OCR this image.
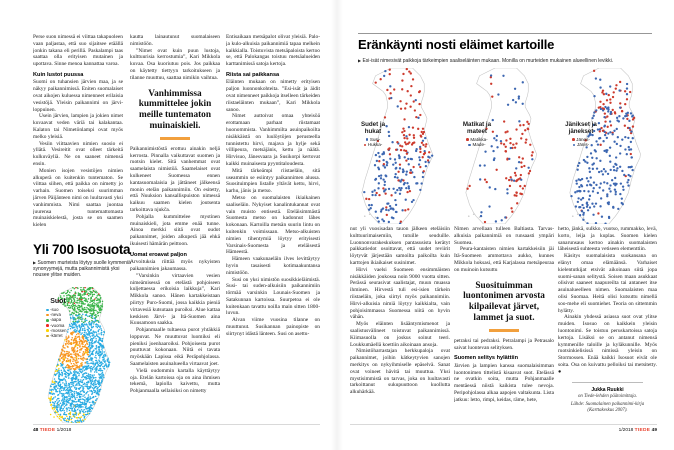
Perse suon nimessä ei viittaa takapuoleen vaan paljastaa, että suo sijaitsee etäällä jonkin takana eli perillä. Paskalampi taas saattaa olla erityisen mutainen ja upottava. Sinne menoa kannattaa varoa.

Kuin lustot puussa

Suomi on tuhansien järvien maa, ja se näkyy paikannimissä. Eniten suomalaiset ovat aikojen kuluessa nimenneet erilaisia vesistöjä. Yleisin paikannimi on järvi-loppuinen.

Usein järvien, lampien ja jokien nimet kuvaavat veden väriä tai kalakantaa. Kalaton tai Nimetönlampi ovat myös melko yleisiä.

Vesiin viittaavien nimien suosio ei yllätä. Vesireitit ovat olleet tärkeitä kulkuväyliä. Ne on saaneet nimensä ensin.

Monien isojen vesistöjen nimien alkuperä on kuitenkin tuntematon. Se viittaa siihen, että paikka on nimetty jo varhain. Suomen toiseksi suurimman järven Päijänteen nimi on luultavasti yksi vanhimmista. Nimi saattaa juontaa juurensa tuntemattomasta muinaiskielestä, josta se on saamen kielen

kautta lainautunut suomalaiseen nimistöön.

”Nimet ovat kuin puun lustoja, kulttuurisia kerrostumia”, Kari Mikkola kuvaa. Osa kuoriutuu pois. Jos paikkaa on käytetty tiettyyn tarkoitukseen ja tilanne muuttuu, saattaa nimikin vaihtua.

Vanhimmissa kummittelee jokin meille tuntematon muinaiskieli.

Paikannimistöstä erottuu ainakin neljä kerrosta. Pinnalla vaikuttavat suomen ja ruotsin kielet. Sitä vanhemmat ovat saamelaista nimistöä. Saamelaiset ovat kulkeneet Suomessa ennen kantasuomalaisia ja jättäneet jälkeensä monin etelän paikannimiin. On esitetty, että Nuuksion kansallispuiston nimessä kaikuu saamen kielen joutsenta tarkoittava njukča.

Pohjalla kummittelee mystinen muinaiskieli, jota emme enää tunne. Ainoa merkki siitä ovat oudot paikannimet, joiden alkuperä jää ehkä ikuisesti hämärän peittoon.

Uomat eroavat paljon

Arvoituksia riittää myös nykyisten paikannimien jakaumassa.

”Varsinkin virtaavien vesien nimeämisessä on etelästä pohjoiseen kuljettaessa erikoisia laikkuja”, Kari Mikkola sanoo. Hänen kartakkeistaan piirtyy Puro-Suomi, jossa kaikkia pieniä virtavesiä kutsutaan puroiksi. Alue kattaa keskisen Järvi- ja Itä-Suomen aina Kuusamoon saakka.

Pohjanmaalle tultaessa purot yhtäkkiä loppuvat. Ne muuttuvat luomiksi eli pieniksi joenhaaroiksi. Pohjoisesta purot puuttuvat kokonaan. Niitä ei tavata myöskään Lapissa eikä Peräpohjolassa. Saamelaisten asuinalueella virtaavat joet.

Vielä oudommin kartalla käyttäytyy oja. Etelän kartoissa oja on aina ihmisen tekemä, lapiolla kaivettu, mutta Pohjanmaalla sellaisiksi on nimetty

Entisaikaan metsäpalot olivat yleisiä. Palo- ja kulo-alkuisia paikannimiä tapaa melkein kaikkialla. Toistuvista metsäpaloista kertoo se, että Palokangas toistuu metsäalueiden karttanimissä satoja kertoja.

Riista sai paikkansa

Eläinten mukaan on nimetty erityisen paljon luonnonkohteita. ”Esi-isät ja äidit ovat nimenneet paikkoja itselleen tärkeiden riistaeläinten mukaan”, Kari Mikkola sanoo.

Nimet auttoivat omaa yhteisöä erottamaan parhaat riistamaat huonommista. Vanhimmilta asuinpaikoilta nisäkkäistä on luulöytöjen perusteella tunnistettu hirvi, majava ja hylje sekä villipeura, metsäjänis, kettu ja näätä. Hirvisuo, Jänesvaara ja Susikorpi kertovat kaikki muinaisesta pyyntitaloudesta.

Mitä tärkeämpi riistaeläin, sitä useammin se esiintyy paikannimen alussa. Suosituimpien listalle yltävät kettu, hirvi, karhu, jänis ja metso.

Metso on suomalaisten ikiaikainen saaliseläin. Nykyiset kanalintukannat ovat vain muisto entisestä. Eteläisimmästä Suomesta metso on kadonnut lähes kokonaan. Kartoilla metsän suurin lintu on kuitenkin voimissaan. Metso-alkuisten nimien tihentymiä löytyy erityisesti Varsinais-Suomesta ja eteläisestä Hämeestä.

Hämeen vaakunaeläin ilves levittäytyy hyvin tasaisesti kotimaakuntansa nimistöön.

Susi on yksi nimistön suosikkieläimistä. Susi- tai suden-alkuisiin paikannimiin törmää varsinkin Lounais-Suomen ja Satakunnan kartoissa. Suurpetoa ei ole kuitenkaan tavattu noilla main sitten 1800-luvun.

Aivan viime vuosina tilanne on muuttunut. Susikannan painopiste on siirtynyt idästä länteen. Susi on asettu-

Yli 700 Isosuota

▶ Suomen murteista löytyy suolle kymmeniä synonyymejä, mutta paikannimistä yksi nousee ylitse muiden.

Suot
-suo
-neva
-aapa
-vuoma
-mossen
-kärret
48 TIEDE 1/2018
Eränkäynti nosti eläimet kartoille

▶ Esi-isät nimesivät paikkoja tärkeimpien saaliseläinten mukaan. Monilla on murteiden mukainen alueellinen levikki.

Sudet ja
hukat
Susi-
Hukka-
Matikat ja
mateet
Matikka-
Made-
Jänikset ja
jänekset
Jänes-
Jänis-

nut yli vuosisadan tauon jälkeen eteläisiin kulttuurimaisemiin, tutuille seuduille. Luonnonvarakeskuksen pantasusista kerätyt paikkatiedot osoittavat, että uudet reviirit löytyvät järjestään samoilta paikoilta kuin karttojen ikiaikaiset susinimet.

Hirvi vaelsi Suomeen ensimmäisten nisäkkäiden joukossa noin 9000 vuotta sitten. Perässä seurasivat saalistajat, muun muassa ihminen. Hirvestä tuli esi-isien tärkein riistaeläin, joka siirtyi myös paikannimiin. Hirvi-alkuisia nimiä löytyy kaikkialta, vain pohjoisimmassa Suomessa niitä on hyvin vähän.

Myös eläinten lisääntymismenot ja saalistusvälineet toistuvat paikannimissä. Kiimasuolla on joskus soinut teeri. Loukkumäellä koettiin aikoinaan ansoja.

Nimistöharrastajan herkkupaloja ovat paikannimet, joihin kätkeytyvien sanojen merkitys on nykyihmiselle epäselvä. Sanat ovat voineet hävitä tai muuttua. Yksi mystisimmistä on tarvas, joka on luultavasti tarkoittanut sukupuuttoon kuollutta alkuhärkää.

Nimen arvellaan tulleen Baltiasta. Tarvas-alkuisia paikannimiä on runsaasti ympäri Suomea.

Peura-kantaisten nimien kartakkeisiin jäi Itä-Suomeen ammottava aukko, kunnes Mikkola hoksasi, että Karjalassa metsäpeuraa on muinoin kutsuttu

Suosituimman luontonimen arvosta kilpailevat järvet, lammet ja suot.

petraksi tai pedraksi. Petralampi ja Petrasalo saivat luontevan selityksen.

Suomen selitys hylättiin

Järvien ja lampien kanssa suomalaisimman luontonimen tittelistä kisaavat suot. Etelässä ne ovatkin soita, mutta Pohjanmaalle mentäessä niistä kaikista tulee nevoja. Peripohjolassa alkaa aapojen valtakunta. Lista jatkuu: letto, rimpi, keidas, räme, hete,

hetto, jänkä, sulkko, vuotso, rummakko, levä, korto, leija ja kuplas. Suomen kielen sanarunsaus kertoo ainakin suomalaisten läheisestä suhteesta vetiseen elementtiin.

Käsitys suomalaisista suokansana on elänyt omaa elämäänsä. Varhaiset kielentutkijat etsivät aikoinaan siitä jopa suomi-sanan selitystä. Soisen maan asukkaat olisivat saaneet naapureilta tai antaneet itse asuinalueelleen nimen. Suomalaisten maa olisi Suomaa. Heitä olisi kutsuttu nimellä soo-mehe eli suomiehet. Teoria on sittemmin hylätty.

Ainakin yhdessä asiassa suot ovat ylitse muiden. Isosuo on kaikkein yleisin luontonimi. Se toistuu peruskartoissa satoja kertoja. Lisäksi se on antanut nimensä kymmenille taloille ja kyläkunnille. Myös ruotsinkielisissä nimissä yleisin on Stormossen. Enää kaikki Isosuot eivät ole soita. Osa on kuivattu pelloiksi tai metsitetty. ●

Jukka Ruukki
on Tiede-lehden päätoimittaja.
Lähde: Suomalainen paikannimi-kirja (Karttakeskus 2007).
1/2018 TIEDE 49
